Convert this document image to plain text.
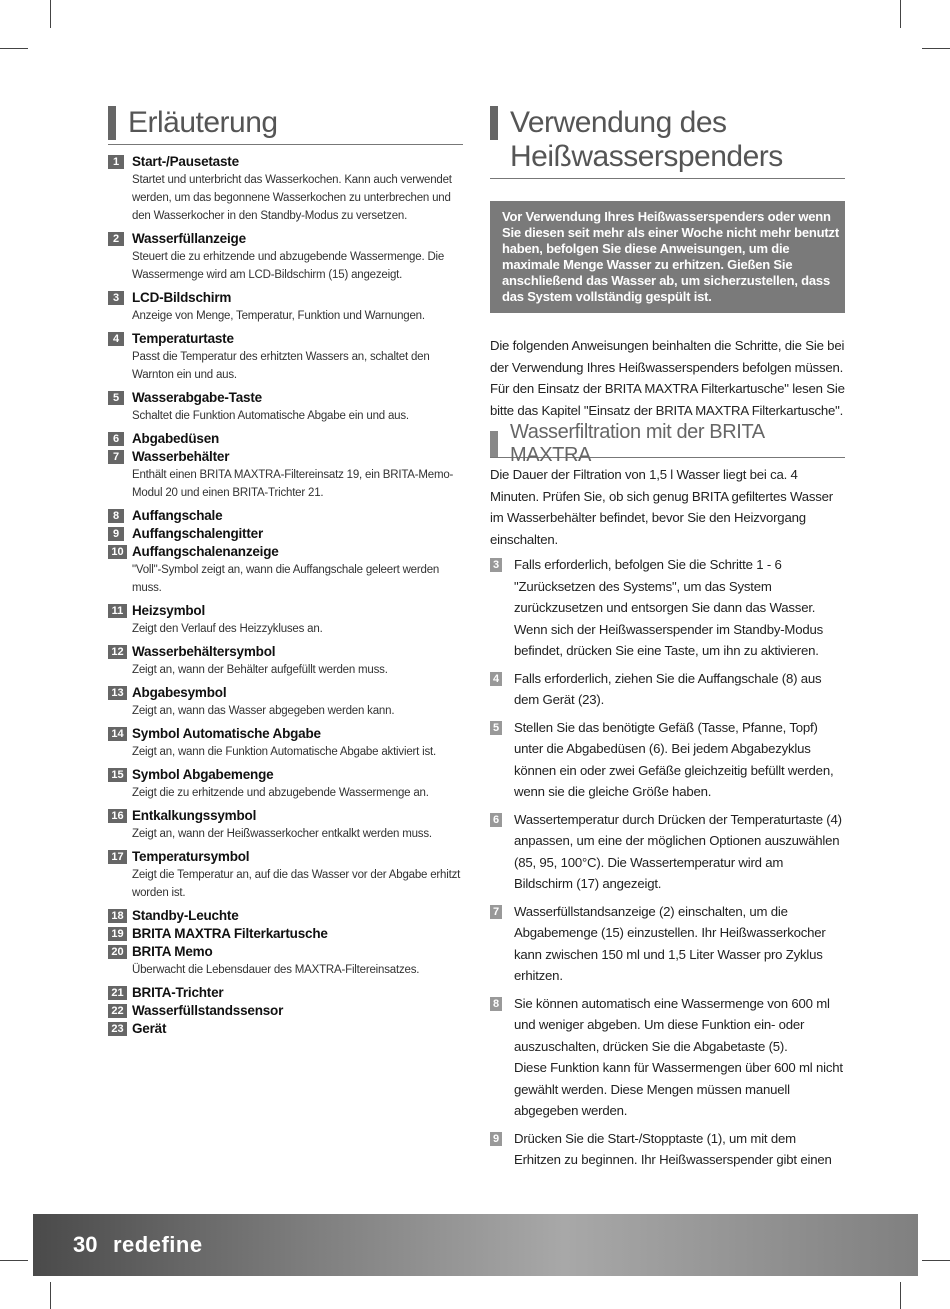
Erläuterung
1 Start-/Pausetaste
Startet und unterbricht das Wasserkochen. Kann auch verwendet werden, um das begonnene Wasserkochen zu unterbrechen und den Wasserkocher in den Standby-Modus zu versetzen.
2 Wasserfüllanzeige
Steuert die zu erhitzende und abzugebende Wassermenge. Die Wassermenge wird am LCD-Bildschirm (15) angezeigt.
3 LCD-Bildschirm
Anzeige von Menge, Temperatur, Funktion und Warnungen.
4 Temperaturtaste
Passt die Temperatur des erhitzten Wassers an, schaltet den Warnton ein und aus.
5 Wasserabgabe-Taste
Schaltet die Funktion Automatische Abgabe ein und aus.
6 Abgabedüsen
7 Wasserbehälter
Enthält einen BRITA MAXTRA-Filtereinsatz 19, ein BRITA-Memo-Modul 20 und einen BRITA-Trichter 21.
8 Auffangschale
9 Auffangschalengitter
10 Auffangschalenanzeige
"Voll"-Symbol zeigt an, wann die Auffangschale geleert werden muss.
11 Heizsymbol
Zeigt den Verlauf des Heizzykluses an.
12 Wasserbehältersymbol
Zeigt an, wann der Behälter aufgefüllt werden muss.
13 Abgabesymbol
Zeigt an, wann das Wasser abgegeben werden kann.
14 Symbol Automatische Abgabe
Zeigt an, wann die Funktion Automatische Abgabe aktiviert ist.
15 Symbol Abgabemenge
Zeigt die zu erhitzende und abzugebende Wassermenge an.
16 Entkalkungssymbol
Zeigt an, wann der Heißwasserkocher entkalkt werden muss.
17 Temperatursymbol
Zeigt die Temperatur an, auf die das Wasser vor der Abgabe erhitzt worden ist.
18 Standby-Leuchte
19 BRITA MAXTRA Filterkartusche
20 BRITA Memo
Überwacht die Lebensdauer des MAXTRA-Filtereinsatzes.
21 BRITA-Trichter
22 Wasserfüllstandssensor
23 Gerät
Verwendung des
Heißwasserspenders
Vor Verwendung Ihres Heißwasserspenders oder wenn Sie diesen seit mehr als einer Woche nicht mehr benutzt haben, befolgen Sie diese Anweisungen, um die maximale Menge Wasser zu erhitzen. Gießen Sie anschließend das Wasser ab, um sicherzustellen, dass das System vollständig gespült ist.
Die folgenden Anweisungen beinhalten die Schritte, die Sie bei der Verwendung Ihres Heißwasserspenders befolgen müssen. Für den Einsatz der BRITA MAXTRA Filterkartusche" lesen Sie bitte das Kapitel "Einsatz der BRITA MAXTRA Filterkartusche".
Wasserfiltration mit der BRITA MAXTRA
Die Dauer der Filtration von 1,5 l Wasser liegt bei ca. 4 Minuten. Prüfen Sie, ob sich genug BRITA gefiltertes Wasser im Wasserbehälter befindet, bevor Sie den Heizvorgang einschalten.
3 Falls erforderlich, befolgen Sie die Schritte 1 - 6 "Zurücksetzen des Systems", um das System zurückzusetzen und entsorgen Sie dann das Wasser. Wenn sich der Heißwasserspender im Standby-Modus befindet, drücken Sie eine Taste, um ihn zu aktivieren.
4 Falls erforderlich, ziehen Sie die Auffangschale (8) aus dem Gerät (23).
5 Stellen Sie das benötigte Gefäß (Tasse, Pfanne, Topf) unter die Abgabedüsen (6). Bei jedem Abgabezyklus können ein oder zwei Gefäße gleichzeitig befüllt werden, wenn sie die gleiche Größe haben.
6 Wassertemperatur durch Drücken der Temperaturtaste (4) anpassen, um eine der möglichen Optionen auszuwählen (85, 95, 100°C). Die Wassertemperatur wird am Bildschirm (17) angezeigt.
7 Wasserfüllstandsanzeige (2) einschalten, um die Abgabemenge (15) einzustellen. Ihr Heißwasserkocher kann zwischen 150 ml und 1,5 Liter Wasser pro Zyklus erhitzen.
8 Sie können automatisch eine Wassermenge von 600 ml und weniger abgeben. Um diese Funktion ein- oder auszuschalten, drücken Sie die Abgabetaste (5).
Diese Funktion kann für Wassermengen über 600 ml nicht gewählt werden. Diese Mengen müssen manuell abgegeben werden.
9 Drücken Sie die Start-/Stopptaste (1), um mit dem Erhitzen zu beginnen. Ihr Heißwasserspender gibt einen
30 redefine
